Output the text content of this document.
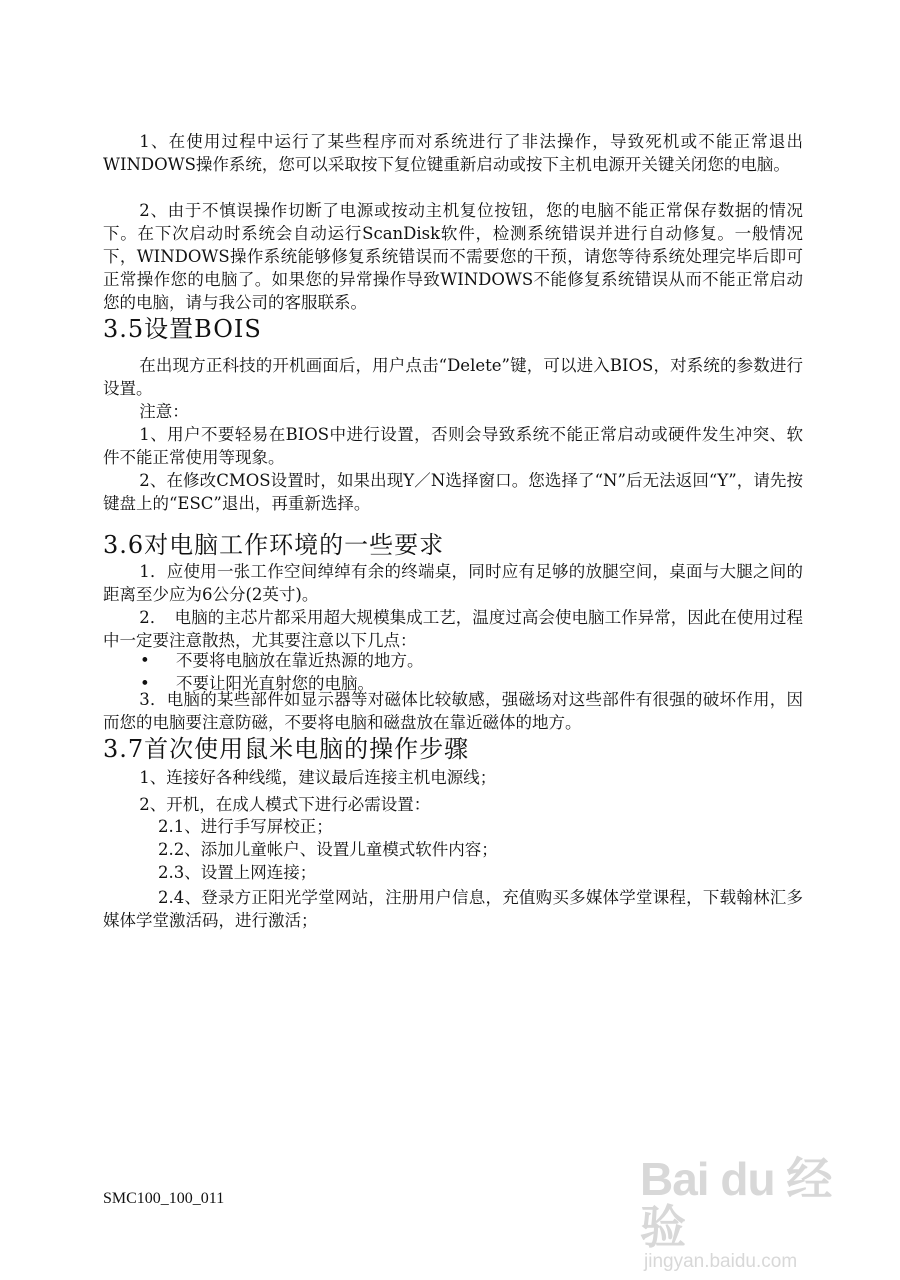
1、在使用过程中运行了某些程序而对系统进行了非法操作，导致死机或不能正常退出WINDOWS操作系统，您可以采取按下复位键重新启动或按下主机电源开关键关闭您的电脑。

2、由于不慎误操作切断了电源或按动主机复位按钮，您的电脑不能正常保存数据的情况下。在下次启动时系统会自动运行ScanDisk软件，检测系统错误并进行自动修复。一般情况下，WINDOWS操作系统能够修复系统错误而不需要您的干预，请您等待系统处理完毕后即可正常操作您的电脑了。如果您的异常操作导致WINDOWS不能修复系统错误从而不能正常启动您的电脑，请与我公司的客服联系。

3.5设置BOIS

在出现方正科技的开机画面后，用户点击“Delete”键，可以进入BIOS，对系统的参数进行设置。

注意：

1、用户不要轻易在BIOS中进行设置，否则会导致系统不能正常启动或硬件发生冲突、软件不能正常使用等现象。

2、在修改CMOS设置时，如果出现Y／N选择窗口。您选择了“N”后无法返回“Y”，请先按键盘上的“ESC”退出，再重新选择。

3.6对电脑工作环境的一些要求

1．应使用一张工作空间绰绰有余的终端桌，同时应有足够的放腿空间，桌面与大腿之间的距离至少应为6公分(2英寸)。

2．　电脑的主芯片都采用超大规模集成工艺，温度过高会使电脑工作异常，因此在使用过程中一定要注意散热，尤其要注意以下几点：

• 不要将电脑放在靠近热源的地方。
• 不要让阳光直射您的电脑。

3．电脑的某些部件如显示器等对磁体比较敏感，强磁场对这些部件有很强的破坏作用，因而您的电脑要注意防磁，不要将电脑和磁盘放在靠近磁体的地方。

3.7首次使用鼠米电脑的操作步骤

1、连接好各种线缆，建议最后连接主机电源线；

2、开机，在成人模式下进行必需设置：

2.1、进行手写屏校正；

2.2、添加儿童帐户、设置儿童模式软件内容；

2.3、设置上网连接；

2.4、登录方正阳光学堂网站，注册用户信息，充值购买多媒体学堂课程，下载翰林汇多媒体学堂激活码，进行激活；

SMC100_100_011	Bai du 经验
jingyan.baidu.com
